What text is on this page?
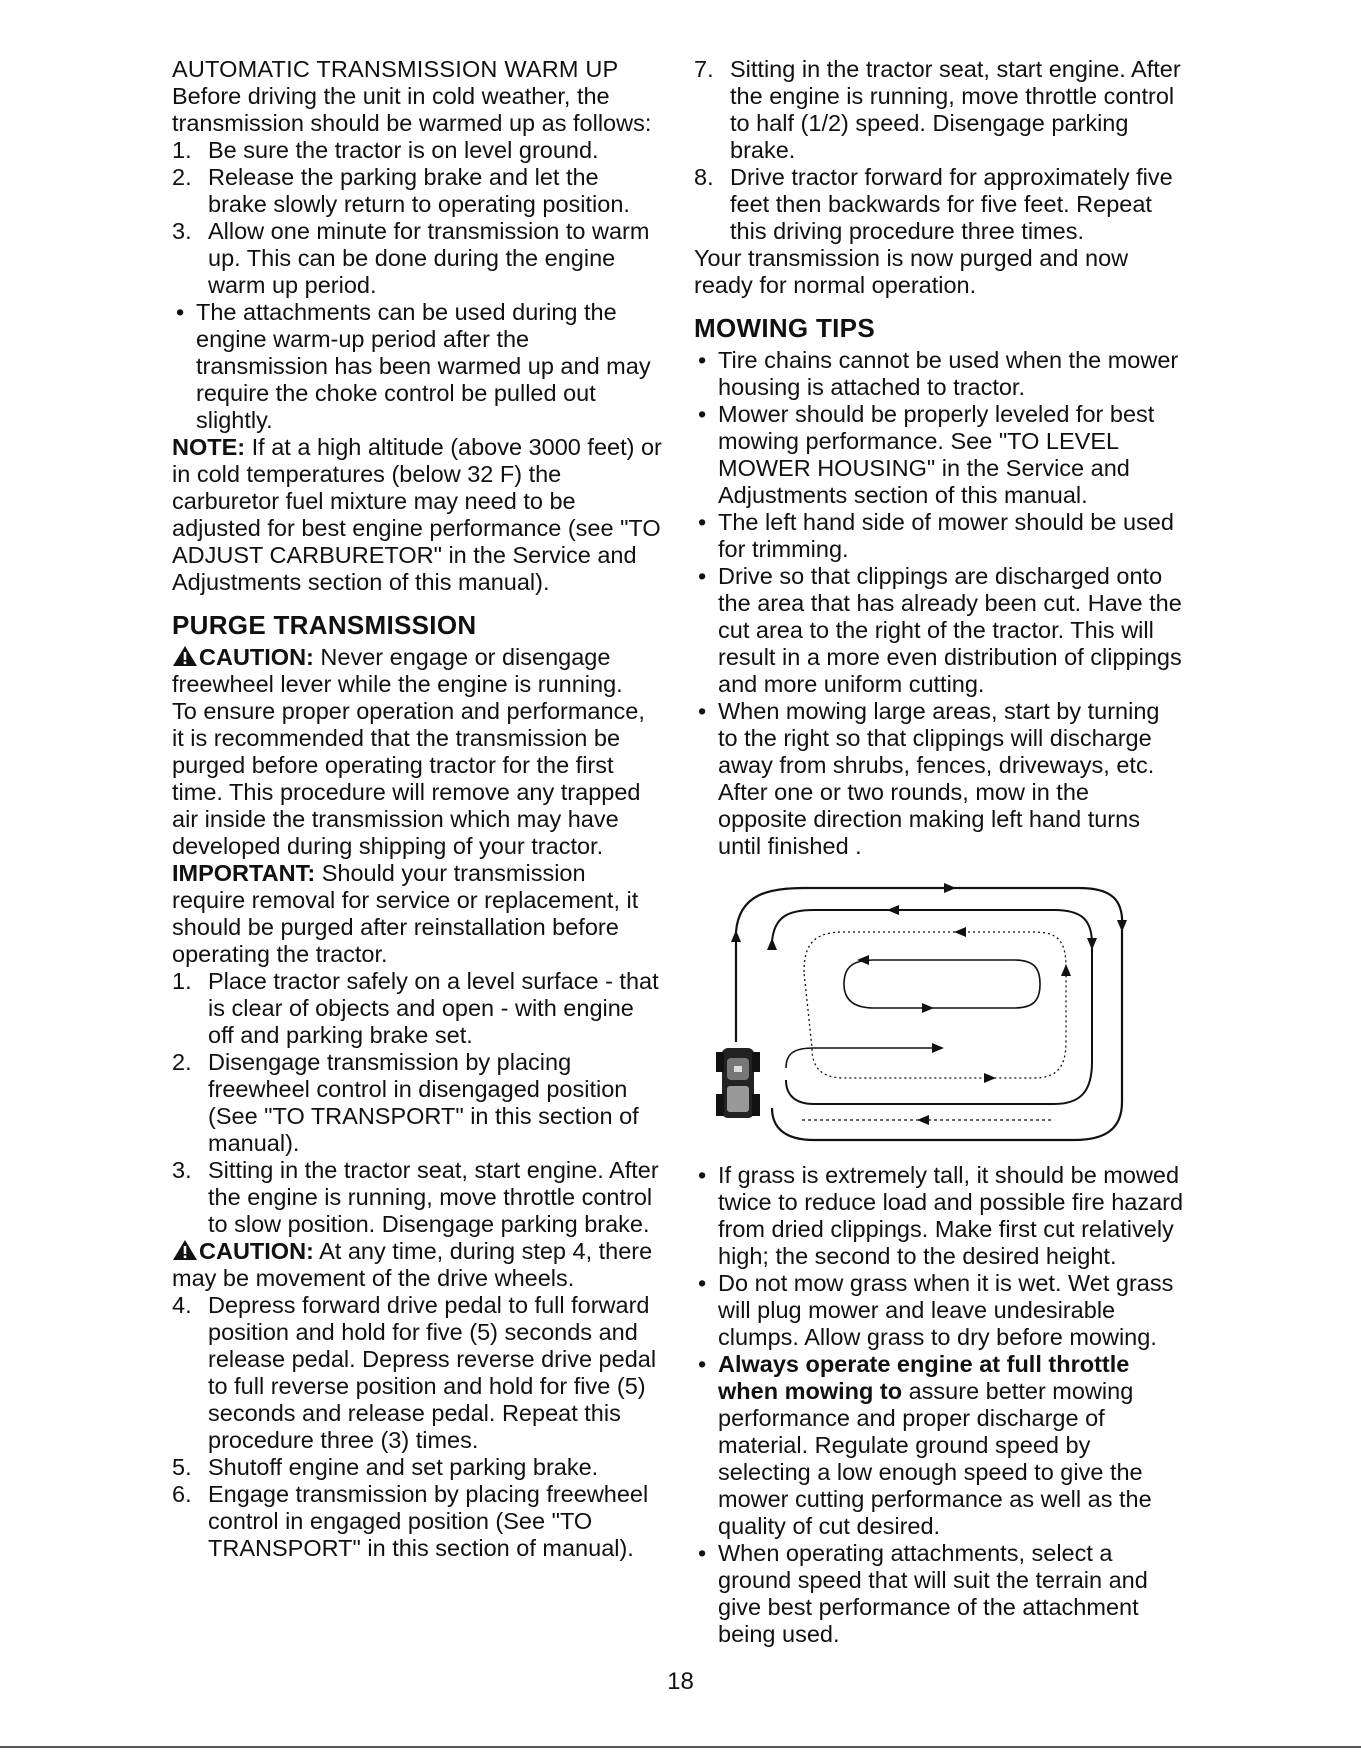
AUTOMATIC TRANSMISSION WARM UP

Before driving the unit in cold weather, the transmission should be warmed up as follows:

1. Be sure the tractor is on level ground.
2. Release the parking brake and let the brake slowly return to operating position.
3. Allow one minute for transmission to warm up. This can be done during the engine warm up period.
• The attachments can be used during the engine warm-up period after the transmission has been warmed up and may require the choke control be pulled out slightly.

NOTE: If at a high altitude (above 3000 feet) or in cold temperatures (below 32 F) the carburetor fuel mixture may need to be adjusted for best engine performance (see "TO ADJUST CARBURETOR" in the Service and Adjustments section of this manual).

PURGE TRANSMISSION

CAUTION: Never engage or disengage freewheel lever while the engine is running.

To ensure proper operation and performance, it is recommended that the transmission be purged before operating tractor for the first time. This procedure will remove any trapped air inside the transmission which may have developed during shipping of your tractor.

IMPORTANT: Should your transmission require removal for service or replacement, it should be purged after reinstallation before operating the tractor.

1. Place tractor safely on a level surface - that is clear of objects and open - with engine off and parking brake set.
2. Disengage transmission by placing freewheel control in disengaged position (See "TO TRANSPORT" in this section of manual).
3. Sitting in the tractor seat, start engine. After the engine is running, move throttle control to slow position. Disengage parking brake.

CAUTION: At any time, during step 4, there may be movement of the drive wheels.

4. Depress forward drive pedal to full forward position and hold for five (5) seconds and release pedal. Depress reverse drive pedal to full reverse position and hold for five (5) seconds and release pedal. Repeat this procedure three (3) times.
5. Shutoff engine and set parking brake.
6. Engage transmission by placing freewheel control in engaged position (See "TO TRANSPORT" in this section of manual).
7. Sitting in the tractor seat, start engine. After the engine is running, move throttle control to half (1/2) speed. Disengage parking brake.
8. Drive tractor forward for approximately five feet then backwards for five feet. Repeat this driving procedure three times.

Your transmission is now purged and now ready for normal operation.

MOWING TIPS
• Tire chains cannot be used when the mower housing is attached to tractor.
• Mower should be properly leveled for best mowing performance. See "TO LEVEL MOWER HOUSING" in the Service and Adjustments section of this manual.
• The left hand side of mower should be used for trimming.
• Drive so that clippings are discharged onto the area that has already been cut. Have the cut area to the right of the tractor. This will result in a more even distribution of clippings and more uniform cutting.
• When mowing large areas, start by turning to the right so that clippings will discharge away from shrubs, fences, driveways, etc. After one or two rounds, mow in the opposite direction making left hand turns until finished .
• If grass is extremely tall, it should be mowed twice to reduce load and possible fire hazard from dried clippings. Make first cut relatively high; the second to the desired height.
• Do not mow grass when it is wet. Wet grass will plug mower and leave undesirable clumps. Allow grass to dry before mowing.
• Always operate engine at full throttle when mowing to assure better mowing performance and proper discharge of material. Regulate ground speed by selecting a low enough speed to give the mower cutting performance as well as the quality of cut desired.
• When operating attachments, select a ground speed that will suit the terrain and give best performance of the attachment being used.
18
